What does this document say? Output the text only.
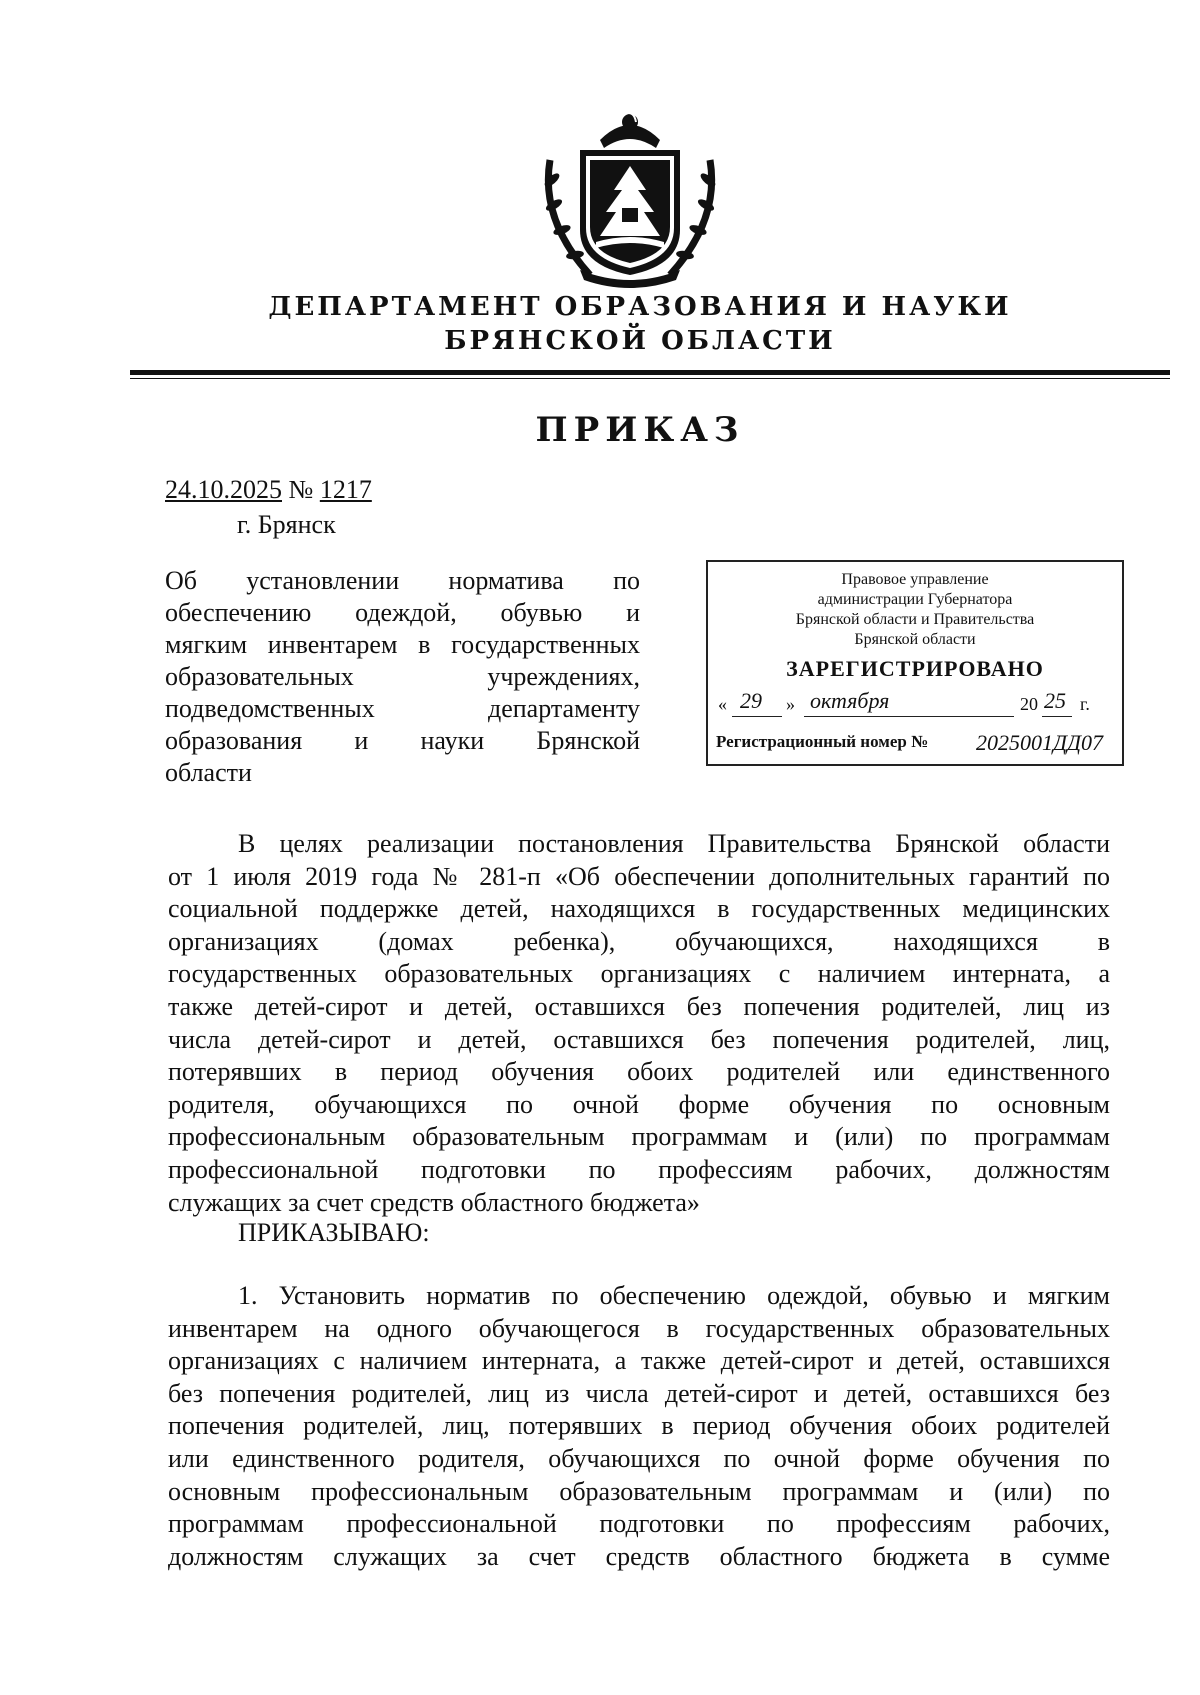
ДЕПАРТАМЕНТ ОБРАЗОВАНИЯ И НАУКИ
БРЯНСКОЙ ОБЛАСТИ
ПРИКАЗ
24.10.2025 № 1217
г. Брянск
Об установлении норматива по
обеспечению одеждой, обувью и
мягким инвентарем в государственных
образовательных учреждениях,
подведомственных департаменту
образования и науки Брянской
области
Правовое управление
администрации Губернатора
Брянской области и Правительства
Брянской области
ЗАРЕГИСТРИРОВАНО
« 29 » октября	20 25 г.
Регистрационный номер № 2025001ДД07
В целях реализации постановления Правительства Брянской области
от 1 июля 2019 года № 281-п «Об обеспечении дополнительных гарантий по
социальной поддержке детей, находящихся в государственных медицинских
организациях (домах ребенка), обучающихся, находящихся в
государственных образовательных организациях с наличием интерната, а
также детей-сирот и детей, оставшихся без попечения родителей, лиц из
числа детей-сирот и детей, оставшихся без попечения родителей, лиц,
потерявших в период обучения обоих родителей или единственного
родителя, обучающихся по очной форме обучения по основным
профессиональным образовательным программам и (или) по программам
профессиональной подготовки по профессиям рабочих, должностям
служащих за счет средств областного бюджета»
ПРИКАЗЫВАЮ:
1. Установить норматив по обеспечению одеждой, обувью и мягким
инвентарем на одного обучающегося в государственных образовательных
организациях с наличием интерната, а также детей-сирот и детей, оставшихся
без попечения родителей, лиц из числа детей-сирот и детей, оставшихся без
попечения родителей, лиц, потерявших в период обучения обоих родителей
или единственного родителя, обучающихся по очной форме обучения по
основным профессиональным образовательным программам и (или) по
программам профессиональной подготовки по профессиям рабочих,
должностям служащих за счет средств областного бюджета в сумме
